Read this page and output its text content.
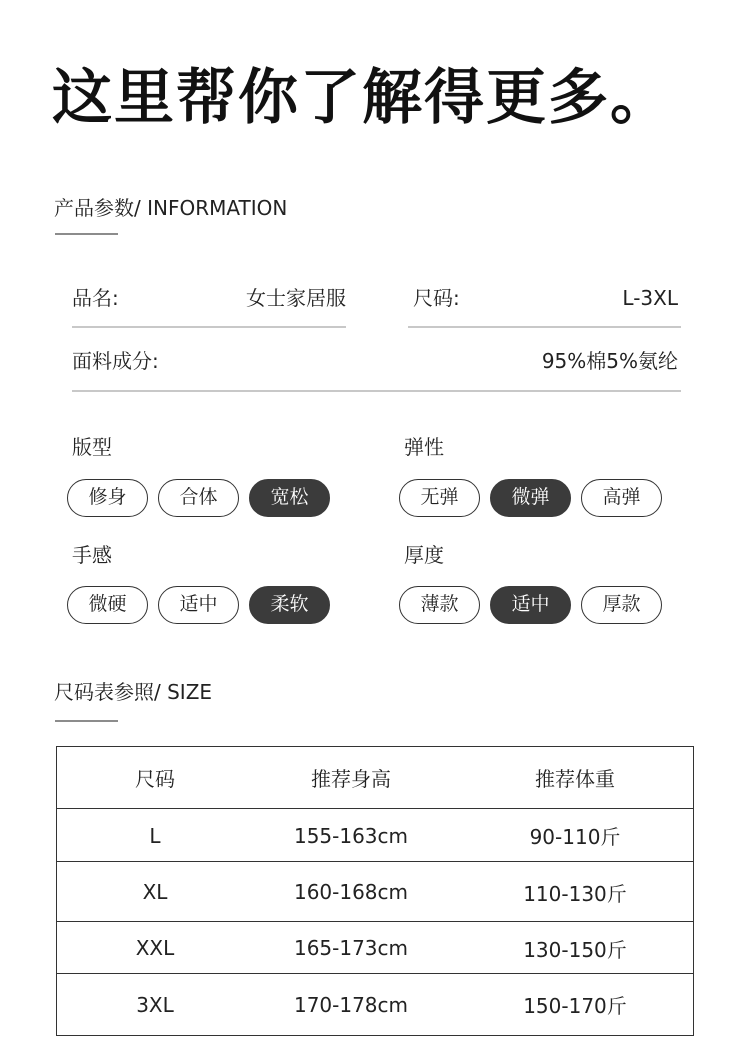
这里帮你了解得更多。
产品参数/ INFORMATION
品名:	女士家居服	尺码:	L-3XL
面料成分:	95%棉5%氨纶
版型
修身	合体	宽松
弹性
无弹	微弹	高弹
手感
微硬	适中	柔软
厚度
薄款	适中	厚款
尺码表参照/ SIZE
尺码	推荐身高	推荐体重
L	155-163cm	90-110斤
XL	160-168cm	110-130斤
XXL	165-173cm	130-150斤
3XL	170-178cm	150-170斤
